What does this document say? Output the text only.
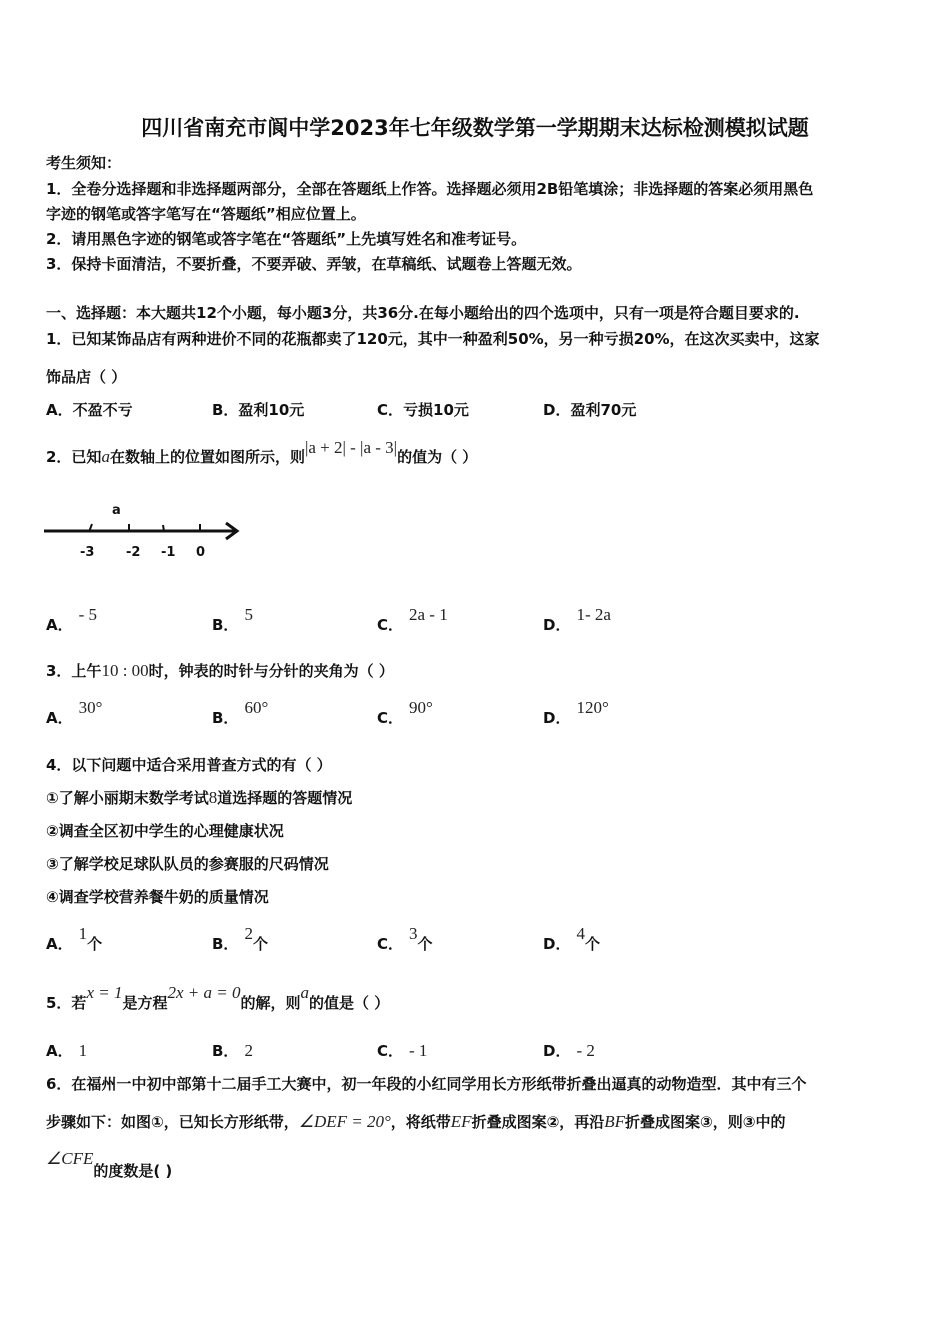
四川省南充市阆中学2023年七年级数学第一学期期末达标检测模拟试题
考生须知：
1．全卷分选择题和非选择题两部分，全部在答题纸上作答。选择题必须用2B铅笔填涂；非选择题的答案必须用黑色
字迹的钢笔或答字笔写在“答题纸”相应位置上。
2．请用黑色字迹的钢笔或答字笔在“答题纸”上先填写姓名和准考证号。
3．保持卡面清洁，不要折叠，不要弄破、弄皱，在草稿纸、试题卷上答题无效。
一、选择题：本大题共12个小题，每小题3分，共36分.在每小题给出的四个选项中，只有一项是符合题目要求的.
1．已知某饰品店有两种进价不同的花瓶都卖了120元，其中一种盈利50%，另一种亏损20%，在这次买卖中，这家
饰品店（ ）
A．不盈不亏	B．盈利10元	C．亏损10元	D．盈利70元
2．已知a在数轴上的位置如图所示，则|a + 2| - |a - 3|的值为（ ）
a
-3 -2 -1 0
A．- 5
B．5
C．2a - 1
D．1- 2a
3．上午10 : 00时，钟表的时针与分针的夹角为（ ）
A．30°
B．60°
C．90°
D．120°
4．以下问题中适合采用普查方式的有（ ）
①了解小丽期末数学考试8道选择题的答题情况
②调查全区初中学生的心理健康状况
③了解学校足球队队员的参赛服的尺码情况
④调查学校营养餐牛奶的质量情况
A．1个	B．2个	C．3个	D．4个
5．若x = 1是方程2x + a = 0的解，则a的值是（ ）
A． 1	B． 2	C． - 1	D． - 2
6．在福州一中初中部第十二届手工大赛中，初一年段的小红同学用长方形纸带折叠出逼真的动物造型．其中有三个
步骤如下：如图①，已知长方形纸带，∠DEF = 20°，将纸带EF折叠成图案②，再沿BF折叠成图案③，则③中的
∠CFE的度数是( )
